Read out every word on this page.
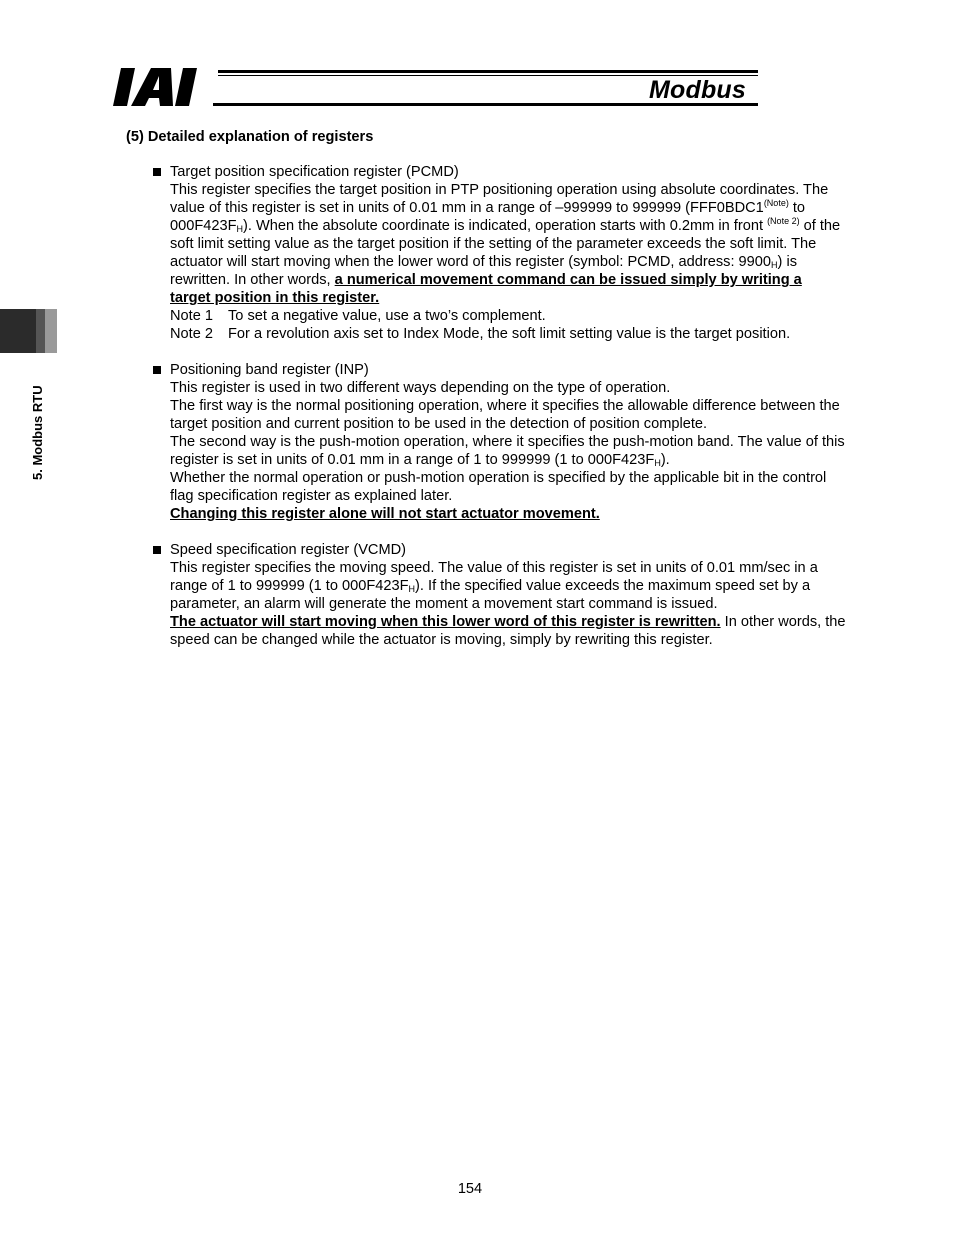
Modbus
5. Modbus RTU
(5) Detailed explanation of registers
Target position specification register (PCMD)

This register specifies the target position in PTP positioning operation using absolute coordinates. The value of this register is set in units of 0.01 mm in a range of –999999 to 999999 ($FFF0BDC1^{(Note)}$ to $000F423F_H$). When the absolute coordinate is indicated, operation starts with 0.2mm in front $^{(Note 2)}$ of the soft limit setting value as the target position if the setting of the parameter exceeds the soft limit. The actuator will start moving when the lower word of this register (symbol: PCMD, address: $9900_H$) is rewritten. In other words, a numerical movement command can be issued simply by writing a target position in this register.

Note 1	To set a negative value, use a two’s complement.
Note 2	For a revolution axis set to Index Mode, the soft limit setting value is the target position.
Positioning band register (INP)

This register is used in two different ways depending on the type of operation.

The first way is the normal positioning operation, where it specifies the allowable difference between the target position and current position to be used in the detection of position complete.

The second way is the push-motion operation, where it specifies the push-motion band. The value of this register is set in units of 0.01 mm in a range of 1 to 999999 (1 to $000F423F_H$).

Whether the normal operation or push-motion operation is specified by the applicable bit in the control flag specification register as explained later.

Changing this register alone will not start actuator movement.

Speed specification register (VCMD)

This register specifies the moving speed. The value of this register is set in units of 0.01 mm/sec in a range of 1 to 999999 (1 to $000F423F_H$). If the specified value exceeds the maximum speed set by a parameter, an alarm will generate the moment a movement start command is issued.

The actuator will start moving when this lower word of this register is rewritten. In other words, the speed can be changed while the actuator is moving, simply by rewriting this register.

154
